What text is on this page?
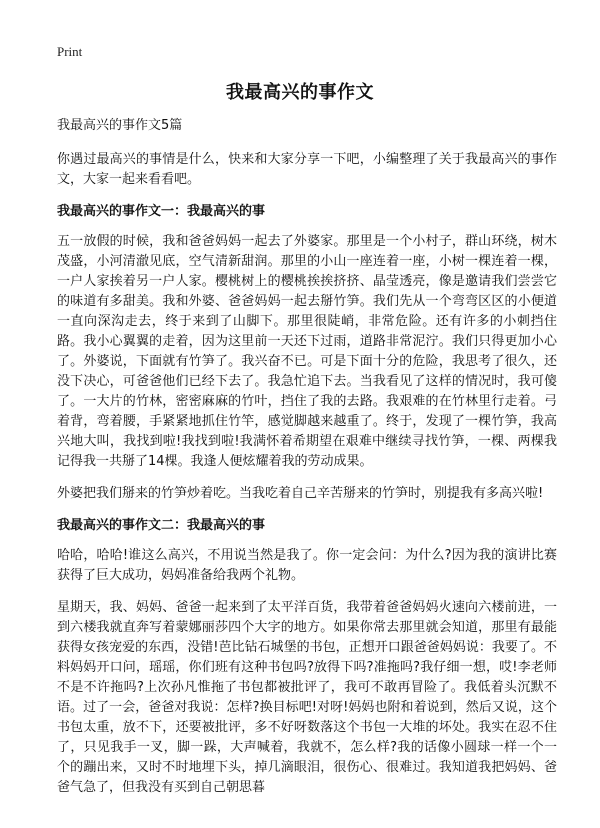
Print
我最高兴的事作文
我最高兴的事作文5篇
你遇过最高兴的事情是什么，快来和大家分享一下吧，小编整理了关于我最高兴的事作文，大家一起来看看吧。
我最高兴的事作文一：我最高兴的事
五一放假的时候，我和爸爸妈妈一起去了外婆家。那里是一个小村子，群山环绕，树木茂盛，小河清澈见底，空气清新甜润。那里的小山一座连着一座，小树一棵连着一棵，一户人家挨着另一户人家。樱桃树上的樱桃挨挨挤挤、晶莹透亮，像是邀请我们尝尝它的味道有多甜美。我和外婆、爸爸妈妈一起去掰竹笋。我们先从一个弯弯区区的小便道一直向深沟走去，终于来到了山脚下。那里很陡峭，非常危险。还有许多的小刺挡住路。我小心翼翼的走着，因为这里前一天还下过雨，道路非常泥泞。我们只得更加小心了。外婆说，下面就有竹笋了。我兴奋不已。可是下面十分的危险，我思考了很久，还没下决心，可爸爸他们已经下去了。我急忙追下去。当我看见了这样的情况时，我可傻了。一大片的竹林，密密麻麻的竹叶，挡住了我的去路。我艰难的在竹林里行走着。弓着背，弯着腰，手紧紧地抓住竹竿，感觉脚越来越重了。终于，发现了一棵竹笋，我高兴地大叫，我找到啦!我找到啦!我满怀着希期望在艰难中继续寻找竹笋，一棵、两棵我记得我一共掰了14棵。我逢人便炫耀着我的劳动成果。
外婆把我们掰来的竹笋炒着吃。当我吃着自己辛苦掰来的竹笋时，别提我有多高兴啦!
我最高兴的事作文二：我最高兴的事
哈哈，哈哈!谁这么高兴，不用说当然是我了。你一定会问：为什么?因为我的演讲比赛获得了巨大成功，妈妈准备给我两个礼物。
星期天，我、妈妈、爸爸一起来到了太平洋百货，我带着爸爸妈妈火速向六楼前进，一到六楼我就直奔写着蒙娜丽莎四个大字的地方。如果你常去那里就会知道，那里有最能获得女孩宠爱的东西，没错!芭比钻石城堡的书包，正想开口跟爸爸妈妈说：我要了。不料妈妈开口问，瑶瑶，你们班有这种书包吗?放得下吗?准拖吗?我仔细一想，哎!李老师不是不许拖吗?上次孙凡惟拖了书包都被批评了，我可不敢再冒险了。我低着头沉默不语。过了一会，爸爸对我说：怎样?换目标吧!对呀!妈妈也附和着说到，然后又说，这个书包太重，放不下，还要被批评，多不好呀数落这个书包一大堆的坏处。我实在忍不住了，只见我手一叉，脚一跺，大声喊着，我就不，怎么样?我的话像小圆球一样一个一个的蹦出来，又时不时地埋下头，掉几滴眼泪，很伤心、很难过。我知道我把妈妈、爸爸气急了，但我没有买到自己朝思暮
